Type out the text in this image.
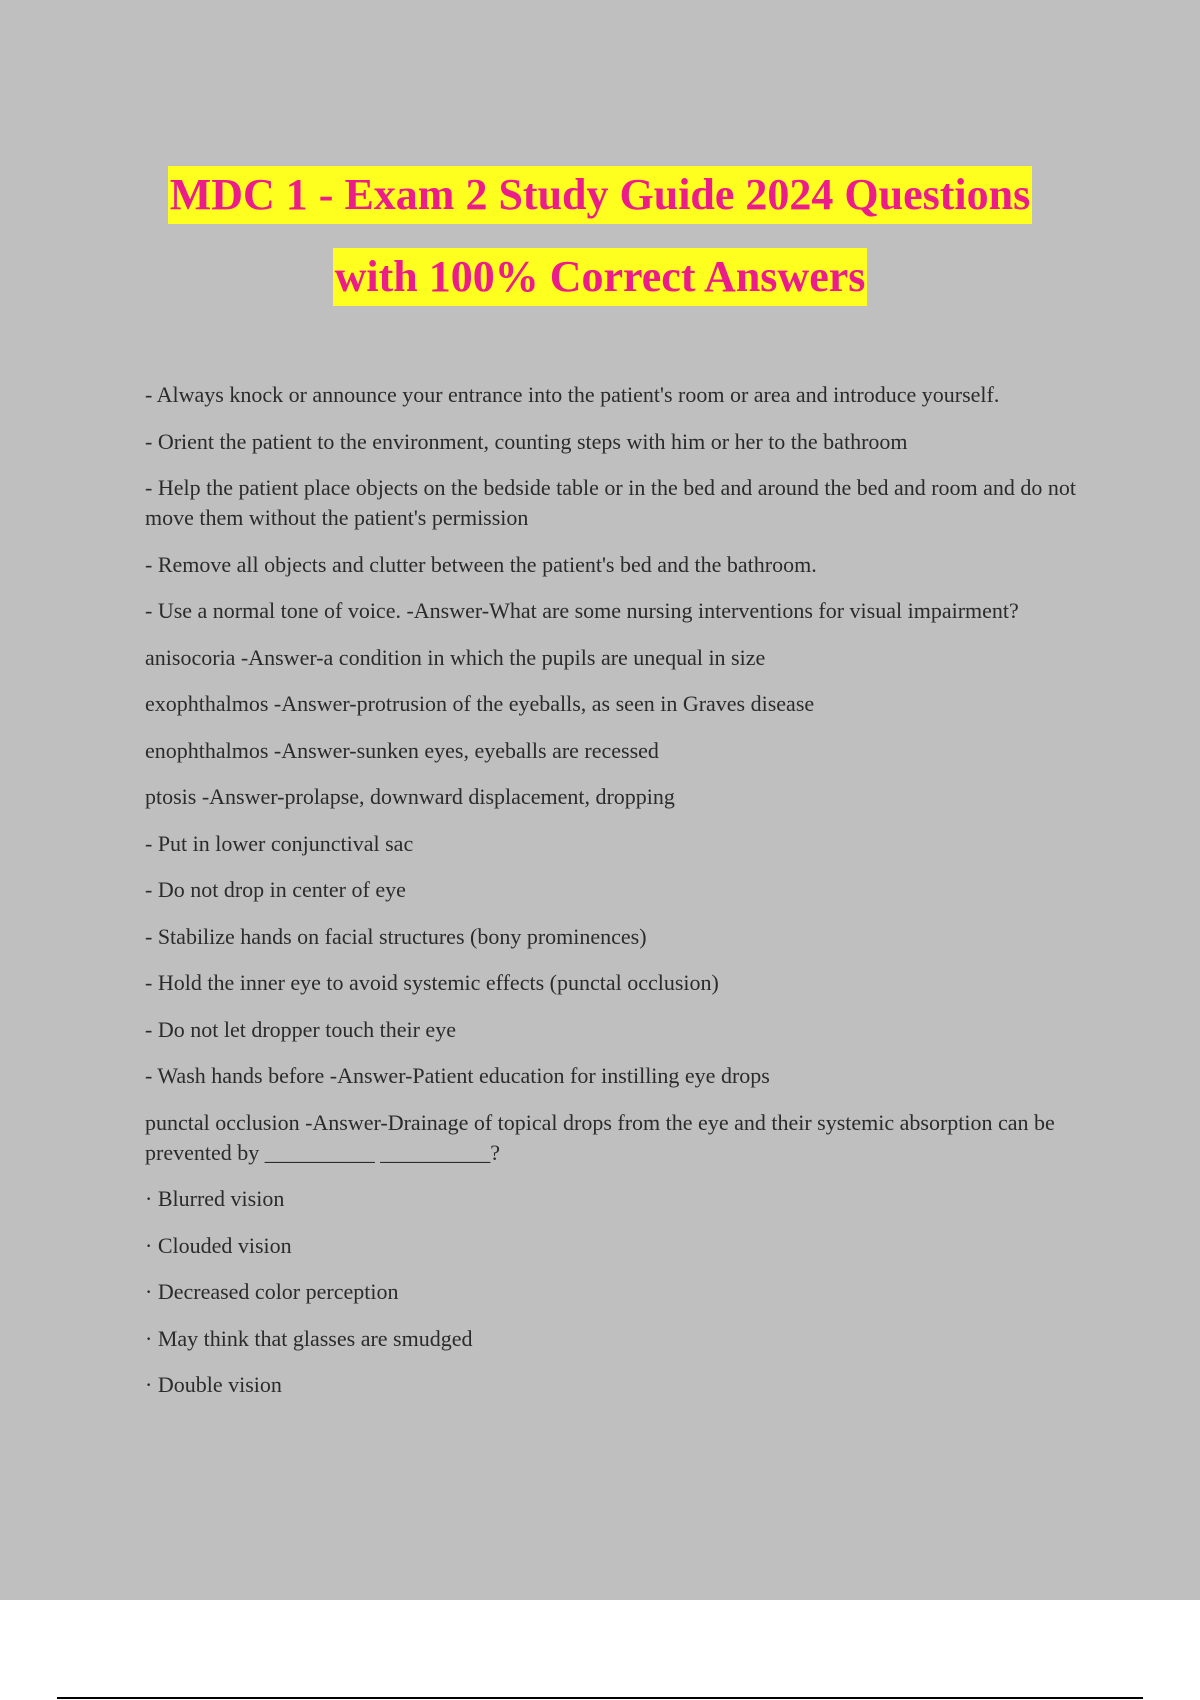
MDC 1 - Exam 2 Study Guide 2024 Questions
with 100% Correct Answers

- Always knock or announce your entrance into the patient's room or area and introduce yourself.

- Orient the patient to the environment, counting steps with him or her to the bathroom

- Help the patient place objects on the bedside table or in the bed and around the bed and room and do not move them without the patient's permission

- Remove all objects and clutter between the patient's bed and the bathroom.

- Use a normal tone of voice. -Answer-What are some nursing interventions for visual impairment?

anisocoria -Answer-a condition in which the pupils are unequal in size

exophthalmos -Answer-protrusion of the eyeballs, as seen in Graves disease

enophthalmos -Answer-sunken eyes, eyeballs are recessed

ptosis -Answer-prolapse, downward displacement, dropping

- Put in lower conjunctival sac

- Do not drop in center of eye

- Stabilize hands on facial structures (bony prominences)

- Hold the inner eye to avoid systemic effects (punctal occlusion)

- Do not let dropper touch their eye

- Wash hands before -Answer-Patient education for instilling eye drops

punctal occlusion -Answer-Drainage of topical drops from the eye and their systemic absorption can be prevented by __________ __________?

· Blurred vision

· Clouded vision

· Decreased color perception

· May think that glasses are smudged

· Double vision
